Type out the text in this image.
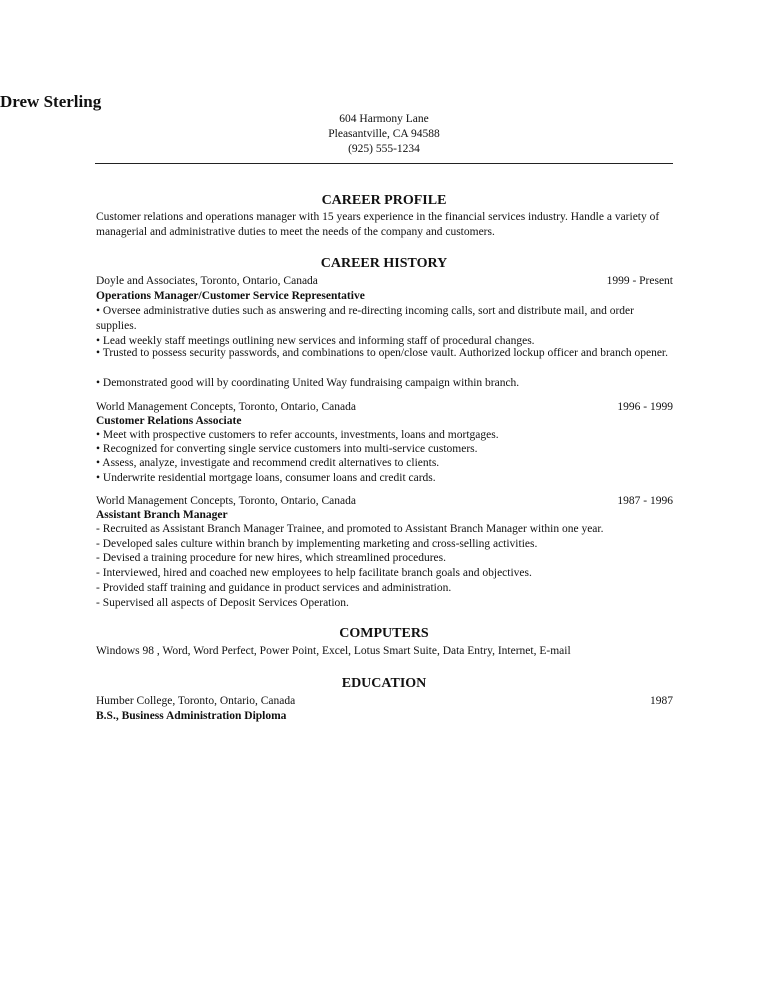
Drew Sterling
604 Harmony Lane
Pleasantville, CA 94588
(925) 555-1234
CAREER PROFILE
Customer relations and operations manager with 15 years experience in the financial services industry. Handle a variety of managerial and administrative duties to meet the needs of the company and customers.
CAREER HISTORY
Doyle and Associates, Toronto, Ontario, Canada	1999 - Present
Operations Manager/Customer Service Representative
• Oversee administrative duties such as answering and re-directing incoming calls, sort and distribute mail, and order supplies.
• Lead weekly staff meetings outlining new services and informing staff of procedural changes.
• Trusted to possess security passwords, and combinations to open/close vault. Authorized lockup officer and branch opener.
• Demonstrated good will by coordinating United Way fundraising campaign within branch.
World Management Concepts, Toronto, Ontario, Canada	1996 - 1999
Customer Relations Associate
• Meet with prospective customers to refer accounts, investments, loans and mortgages.
• Recognized for converting single service customers into multi-service customers.
• Assess, analyze, investigate and recommend credit alternatives to clients.
• Underwrite residential mortgage loans, consumer loans and credit cards.
World Management Concepts, Toronto, Ontario, Canada	1987 - 1996
Assistant Branch Manager
- Recruited as Assistant Branch Manager Trainee, and promoted to Assistant Branch Manager within one year.
- Developed sales culture within branch by implementing marketing and cross-selling activities.
- Devised a training procedure for new hires, which streamlined procedures.
- Interviewed, hired and coached new employees to help facilitate branch goals and objectives.
- Provided staff training and guidance in product services and administration.
- Supervised all aspects of Deposit Services Operation.
COMPUTERS
Windows 98 , Word, Word Perfect, Power Point, Excel, Lotus Smart Suite, Data Entry, Internet, E-mail
EDUCATION
Humber College, Toronto, Ontario, Canada	1987
B.S., Business Administration Diploma
